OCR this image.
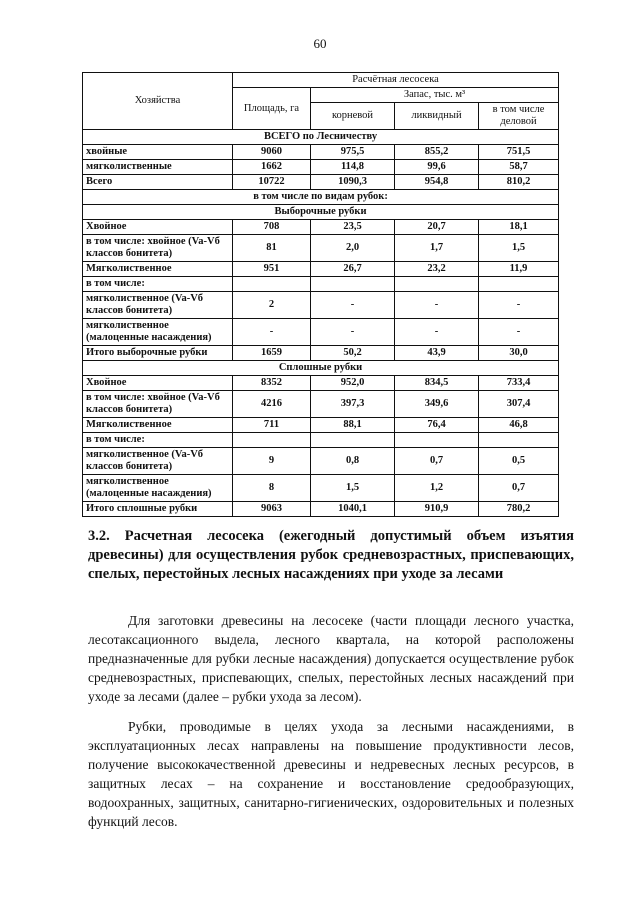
60
Хозяйства	Расчётная лесосека			
	Площадь, га	Запас, тыс. м³		
		корневой	ликвидный	в том числе деловой
ВСЕГО по Лесничеству				
хвойные	9060	975,5	855,2	751,5
мягколиственные	1662	114,8	99,6	58,7
Всего	10722	1090,3	954,8	810,2
в том числе по видам рубок:				
Выборочные рубки				
Хвойное	708	23,5	20,7	18,1
в том числе: хвойное (Va-Vб классов бонитета)	81	2,0	1,7	1,5
Мягколиственное	951	26,7	23,2	11,9
в том числе:				
мягколиственное (Va-Vб классов бонитета)	2	-	-	-
мягколиственное (малоценные насаждения)	-	-	-	-
Итого выборочные рубки	1659	50,2	43,9	30,0
Сплошные рубки				
Хвойное	8352	952,0	834,5	733,4
в том числе: хвойное (Va-Vб классов бонитета)	4216	397,3	349,6	307,4
Мягколиственное	711	88,1	76,4	46,8
в том числе:				
мягколиственное (Va-Vб классов бонитета)	9	0,8	0,7	0,5
мягколиственное (малоценные насаждения)	8	1,5	1,2	0,7
Итого сплошные рубки	9063	1040,1	910,9	780,2
3.2. Расчетная лесосека (ежегодный допустимый объем изъятия древесины) для осуществления рубок средневозрастных, приспевающих, спелых, перестойных лесных насаждениях при уходе за лесами

Для заготовки древесины на лесосеке (части площади лесного участка, лесотаксационного выдела, лесного квартала, на которой расположены предназначенные для рубки лесные насаждения) допускается осуществление рубок средневозрастных, приспевающих, спелых, перестойных лесных насаждений при уходе за лесами (далее – рубки ухода за лесом).

Рубки, проводимые в целях ухода за лесными насаждениями, в эксплуатационных лесах направлены на повышение продуктивности лесов, получение высококачественной древесины и недревесных лесных ресурсов, в защитных лесах – на сохранение и восстановление средообразующих, водоохранных, защитных, санитарно-гигиенических, оздоровительных и полезных функций лесов.
